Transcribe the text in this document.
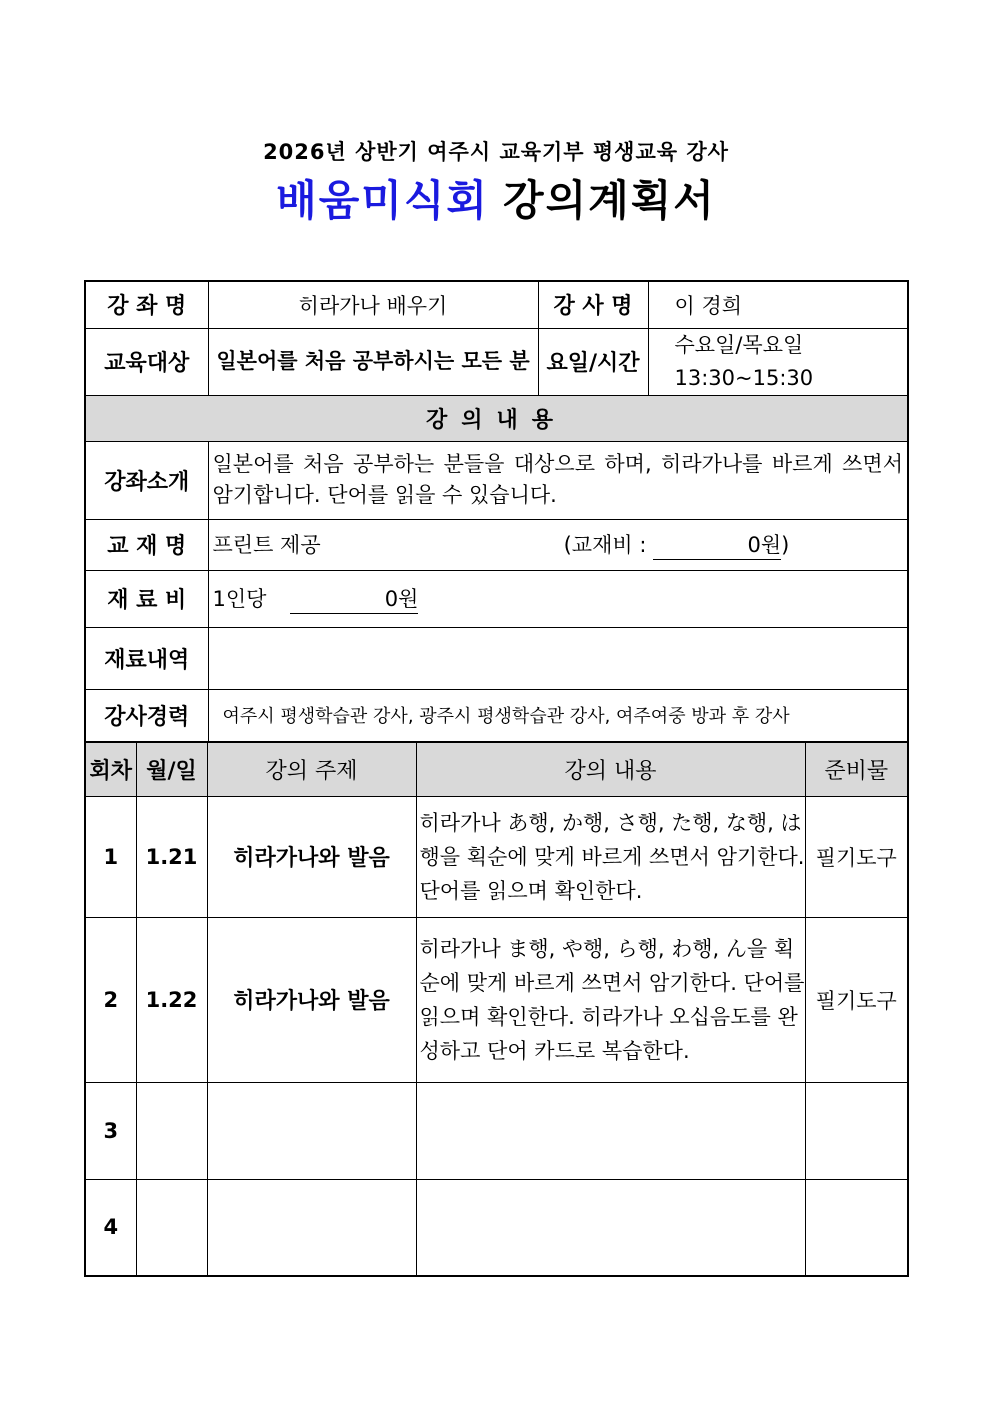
2026년 상반기 여주시 교육기부 평생교육 강사
배움미식회 강의계획서
강 좌 명	히라가나 배우기	강 사 명	이 경희
교육대상	일본어를 처음 공부하시는 모든 분	요일/시간	수요일/목요일
13:30~15:30

강의내용			
강좌소개	일본어를 처음 공부하는 분들을 대상으로 하며, 히라가나를 바르게 쓰면서 암기합니다. 단어를 읽을 수 있습니다.		
교 재 명	프린트 제공 (교재비 : 0원)		
재 료 비	1인당 0원		
재료내역			
강사경력	여주시 평생학습관 강사, 광주시 평생학습관 강사, 여주여중 방과 후 강사		
회차	월/일	강의 주제	강의 내용	준비물
1	1.21	히라가나와 발음	히라가나 あ행, か행, さ행, た행, な행, は행을 획순에 맞게 바르게 쓰면서 암기한다. 단어를 읽으며 확인한다.	필기도구
2	1.22	히라가나와 발음	히라가나 ま행, や행, ら행, わ행, ん을 획순에 맞게 바르게 쓰면서 암기한다. 단어를 읽으며 확인한다. 히라가나 오십음도를 완성하고 단어 카드로 복습한다.	필기도구
3				
4				
